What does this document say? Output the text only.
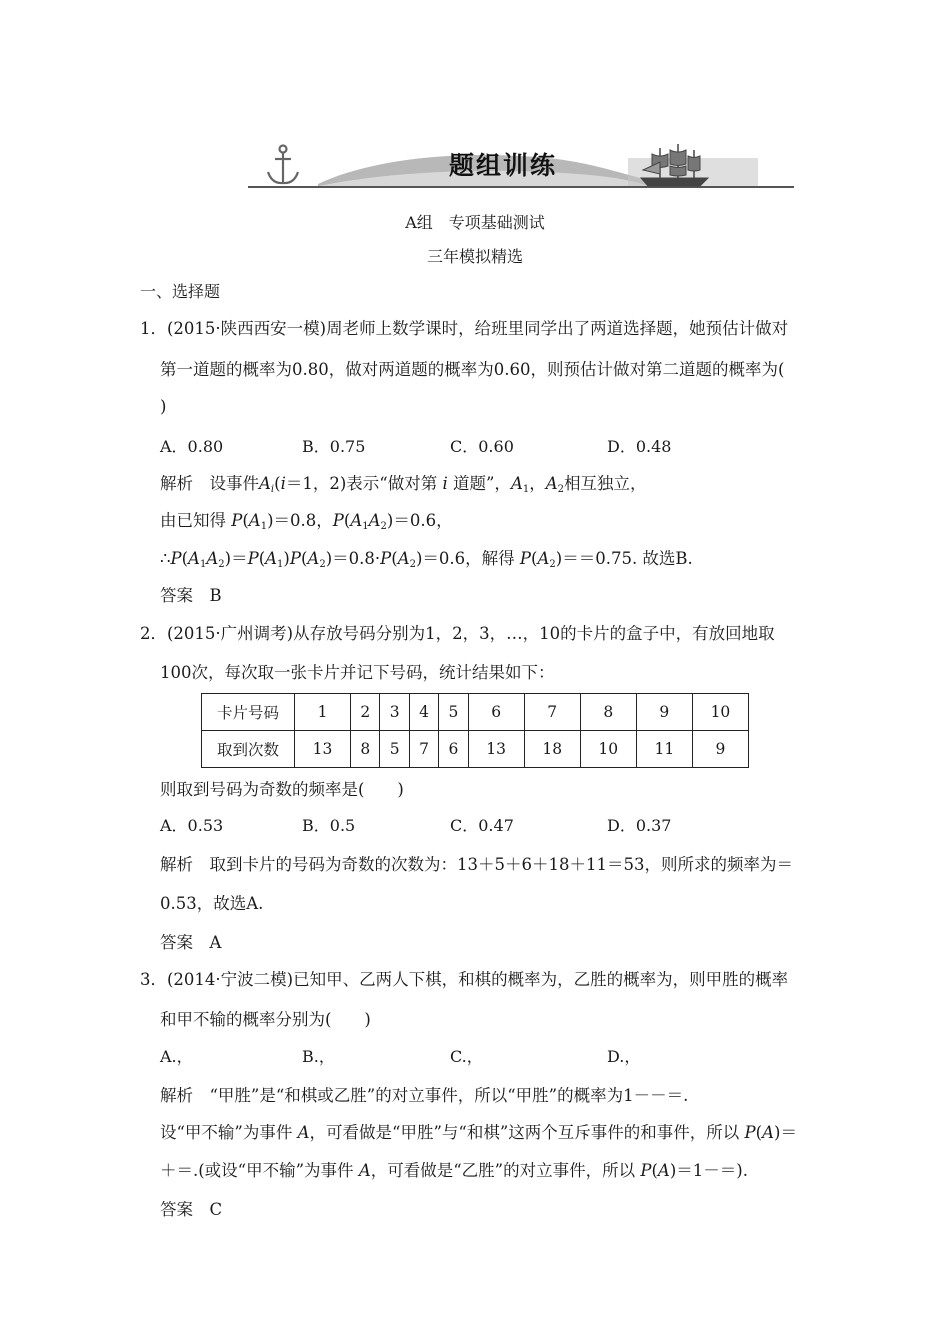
题组训练
A组　专项基础测试
三年模拟精选
一、选择题
1．(2015·陕西西安一模)周老师上数学课时，给班里同学出了两道选择题，她预估计做对
第一道题的概率为0.80，做对两道题的概率为0.60，则预估计做对第二道题的概率为(
)
A．0.80	B．0.75	C．0.60	D．0.48
解析　设事件$A_i(i=1$，2)表示“做对第 i 道题”，$A_1$，$A_2$相互独立，
由已知得 $P(A_1)=0.8$，$P(A_1A_2)=0.6$，
$\therefore P(A_1A_2)=P(A_1)P(A_2)=0.8\cdot P(A_2)=0.6$，解得 $P(A_2)==0.75$. 故选B.
答案　B
2．(2015·广州调考)从存放号码分别为1，2，3，…，10的卡片的盒子中，有放回地取
100次，每次取一张卡片并记下号码，统计结果如下：
卡片号码	1	2	3	4	5	6	7	8	9	10
取到次数	13	8	5	7	6	13	18	10	11	9
则取到号码为奇数的频率是(　　)
A．0.53	B．0.5	C．0.47	D．0.37
解析　取到卡片的号码为奇数的次数为：13＋5＋6＋18＋11＝53，则所求的频率为＝
0.53，故选A.
答案　A
3．(2014·宁波二模)已知甲、乙两人下棋，和棋的概率为，乙胜的概率为，则甲胜的概率
和甲不输的概率分别为(　　)
A.，	B.，	C.，	D.，
解析　“甲胜”是“和棋或乙胜”的对立事件，所以“甲胜”的概率为1－－＝.
设“甲不输”为事件 A，可看做是“甲胜”与“和棋”这两个互斥事件的和事件，所以 P(A)＝
＋＝.(或设“甲不输”为事件 A，可看做是“乙胜”的对立事件，所以 P(A)＝1－＝).
答案　C
